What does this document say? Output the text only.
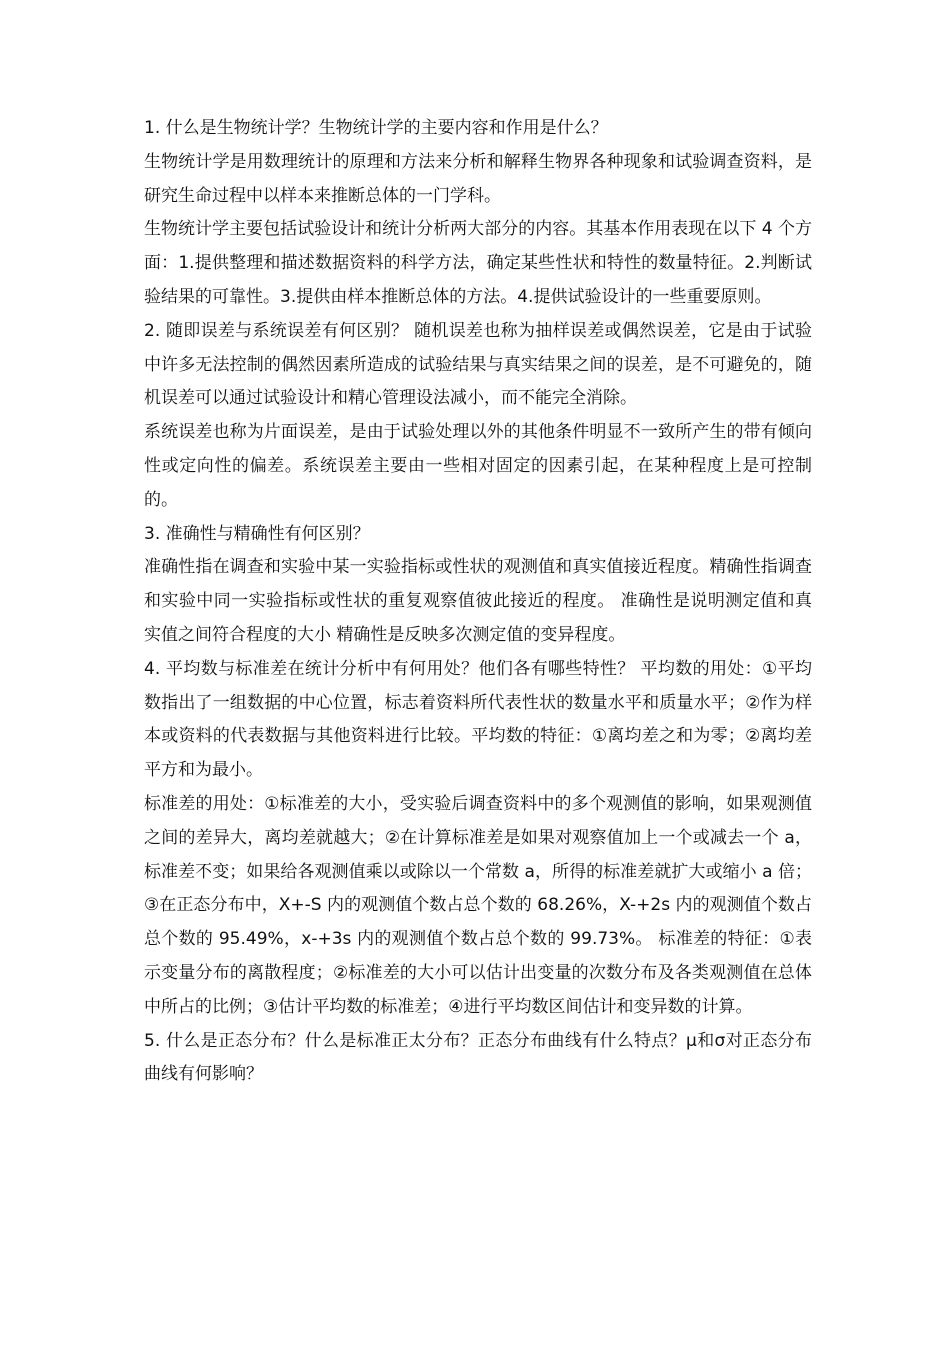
1. 什么是生物统计学？生物统计学的主要内容和作用是什么？

生物统计学是用数理统计的原理和方法来分析和解释生物界各种现象和试验调查资料，是研究生命过程中以样本来推断总体的一门学科。

生物统计学主要包括试验设计和统计分析两大部分的内容。其基本作用表现在以下 4 个方面：1.提供整理和描述数据资料的科学方法，确定某些性状和特性的数量特征。2.判断试验结果的可靠性。3.提供由样本推断总体的方法。4.提供试验设计的一些重要原则。

2. 随即误差与系统误差有何区别？ 随机误差也称为抽样误差或偶然误差，它是由于试验中许多无法控制的偶然因素所造成的试验结果与真实结果之间的误差，是不可避免的，随机误差可以通过试验设计和精心管理设法减小，而不能完全消除。

系统误差也称为片面误差，是由于试验处理以外的其他条件明显不一致所产生的带有倾向性或定向性的偏差。系统误差主要由一些相对固定的因素引起，在某种程度上是可控制的。

3. 准确性与精确性有何区别？

准确性指在调查和实验中某一实验指标或性状的观测值和真实值接近程度。精确性指调查和实验中同一实验指标或性状的重复观察值彼此接近的程度。 准确性是说明测定值和真实值之间符合程度的大小 精确性是反映多次测定值的变异程度。

4. 平均数与标准差在统计分析中有何用处？他们各有哪些特性？ 平均数的用处：①平均数指出了一组数据的中心位置，标志着资料所代表性状的数量水平和质量水平；②作为样本或资料的代表数据与其他资料进行比较。平均数的特征：①离均差之和为零；②离均差平方和为最小。

标准差的用处：①标准差的大小，受实验后调查资料中的多个观测值的影响，如果观测值之间的差异大，离均差就越大；②在计算标准差是如果对观察值加上一个或减去一个 a，标准差不变；如果给各观测值乘以或除以一个常数 a，所得的标准差就扩大或缩小 a 倍；③在正态分布中，X+-S 内的观测值个数占总个数的 68.26%，X-+2s 内的观测值个数占总个数的 95.49%，x-+3s 内的观测值个数占总个数的 99.73%。 标准差的特征：①表示变量分布的离散程度；②标准差的大小可以估计出变量的次数分布及各类观测值在总体中所占的比例；③估计平均数的标准差；④进行平均数区间估计和变异数的计算。

5. 什么是正态分布？什么是标准正太分布？正态分布曲线有什么特点？μ和σ对正态分布曲线有何影响？
